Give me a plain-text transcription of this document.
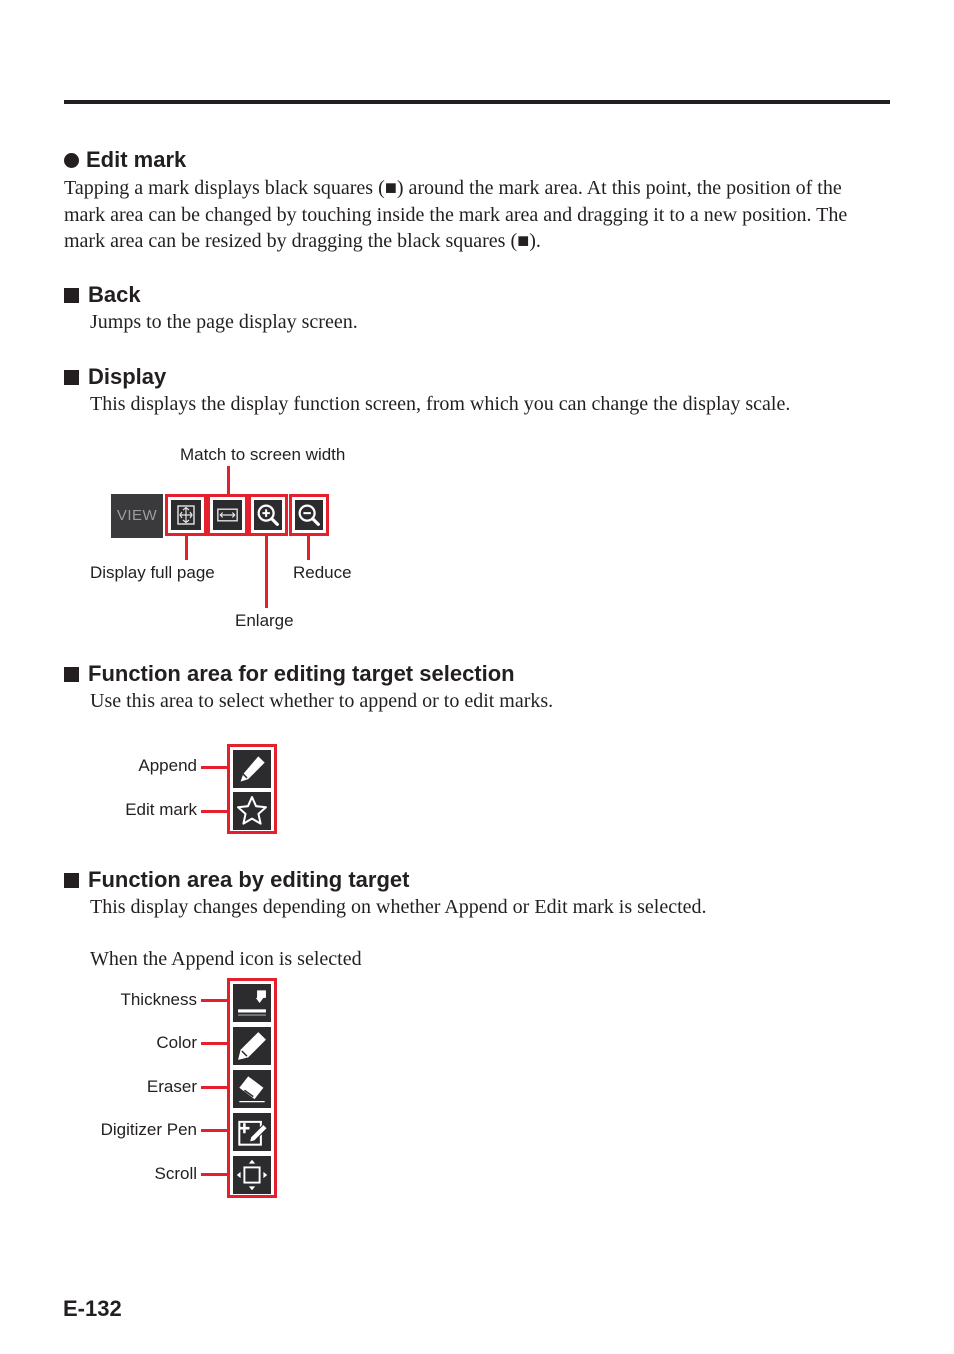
Edit mark
Tapping a mark displays black squares (■) around the mark area. At this point, the position of the mark area can be changed by touching inside the mark area and dragging it to a new position. The mark area can be resized by dragging the black squares (■).
Back
Jumps to the page display screen.
Display
This displays the display function screen, from which you can change the display scale.
Match to screen width
VIEW
Display full page	Reduce
Enlarge
Function area for editing target selection
Use this area to select whether to append or to edit marks.
Append
Edit mark
Function area by editing target
This display changes depending on whether Append or Edit mark is selected.
When the Append icon is selected
Thickness
Color
Eraser
Digitizer Pen
Scroll
E-132
